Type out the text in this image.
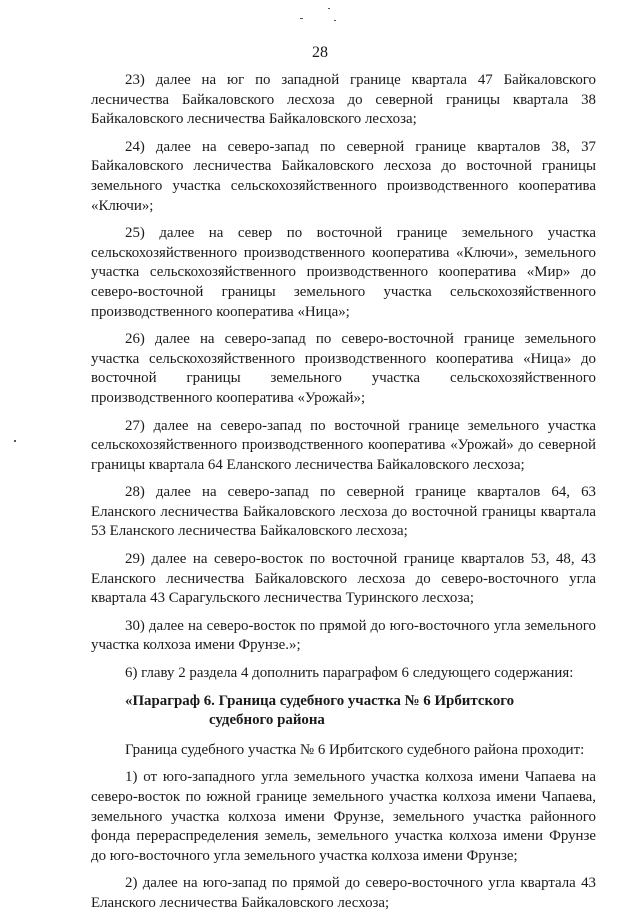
28

23) далее на юг по западной границе квартала 47 Байкаловского лесничества Байкаловского лесхоза до северной границы квартала 38 Байкаловского лесничества Байкаловского лесхоза;

24) далее на северо-запад по северной границе кварталов 38, 37 Байкаловского лесничества Байкаловского лесхоза до восточной границы земельного участка сельскохозяйственного производственного кооператива «Ключи»;

25) далее на север по восточной границе земельного участка сельскохозяйственного производственного кооператива «Ключи», земельного участка сельскохозяйственного производственного кооператива «Мир» до северо-восточной границы земельного участка сельскохозяйственного производственного кооператива «Ница»;

26) далее на северо-запад по северо-восточной границе земельного участка сельскохозяйственного производственного кооператива «Ница» до восточной границы земельного участка сельскохозяйственного производственного кооператива «Урожай»;

27) далее на северо-запад по восточной границе земельного участка сельскохозяйственного производственного кооператива «Урожай» до северной границы квартала 64 Еланского лесничества Байкаловского лесхоза;

28) далее на северо-запад по северной границе кварталов 64, 63 Еланского лесничества Байкаловского лесхоза до восточной границы квартала 53 Еланского лесничества Байкаловского лесхоза;

29) далее на северо-восток по восточной границе кварталов 53, 48, 43 Еланского лесничества Байкаловского лесхоза до северо-восточного угла квартала 43 Сарагульского лесничества Туринского лесхоза;

30) далее на северо-восток по прямой до юго-восточного угла земельного участка колхоза имени Фрунзе.»;

6) главу 2 раздела 4 дополнить параграфом 6 следующего содержания:

«Параграф 6. Граница судебного участка № 6 Ирбитского
судебного района

Граница судебного участка № 6 Ирбитского судебного района проходит:

1) от юго-западного угла земельного участка колхоза имени Чапаева на северо-восток по южной границе земельного участка колхоза имени Чапаева, земельного участка колхоза имени Фрунзе, земельного участка районного фонда перераспределения земель, земельного участка колхоза имени Фрунзе до юго-восточного угла земельного участка колхоза имени Фрунзе;

2) далее на юго-запад по прямой до северо-восточного угла квартала 43 Еланского лесничества Байкаловского лесхоза;
